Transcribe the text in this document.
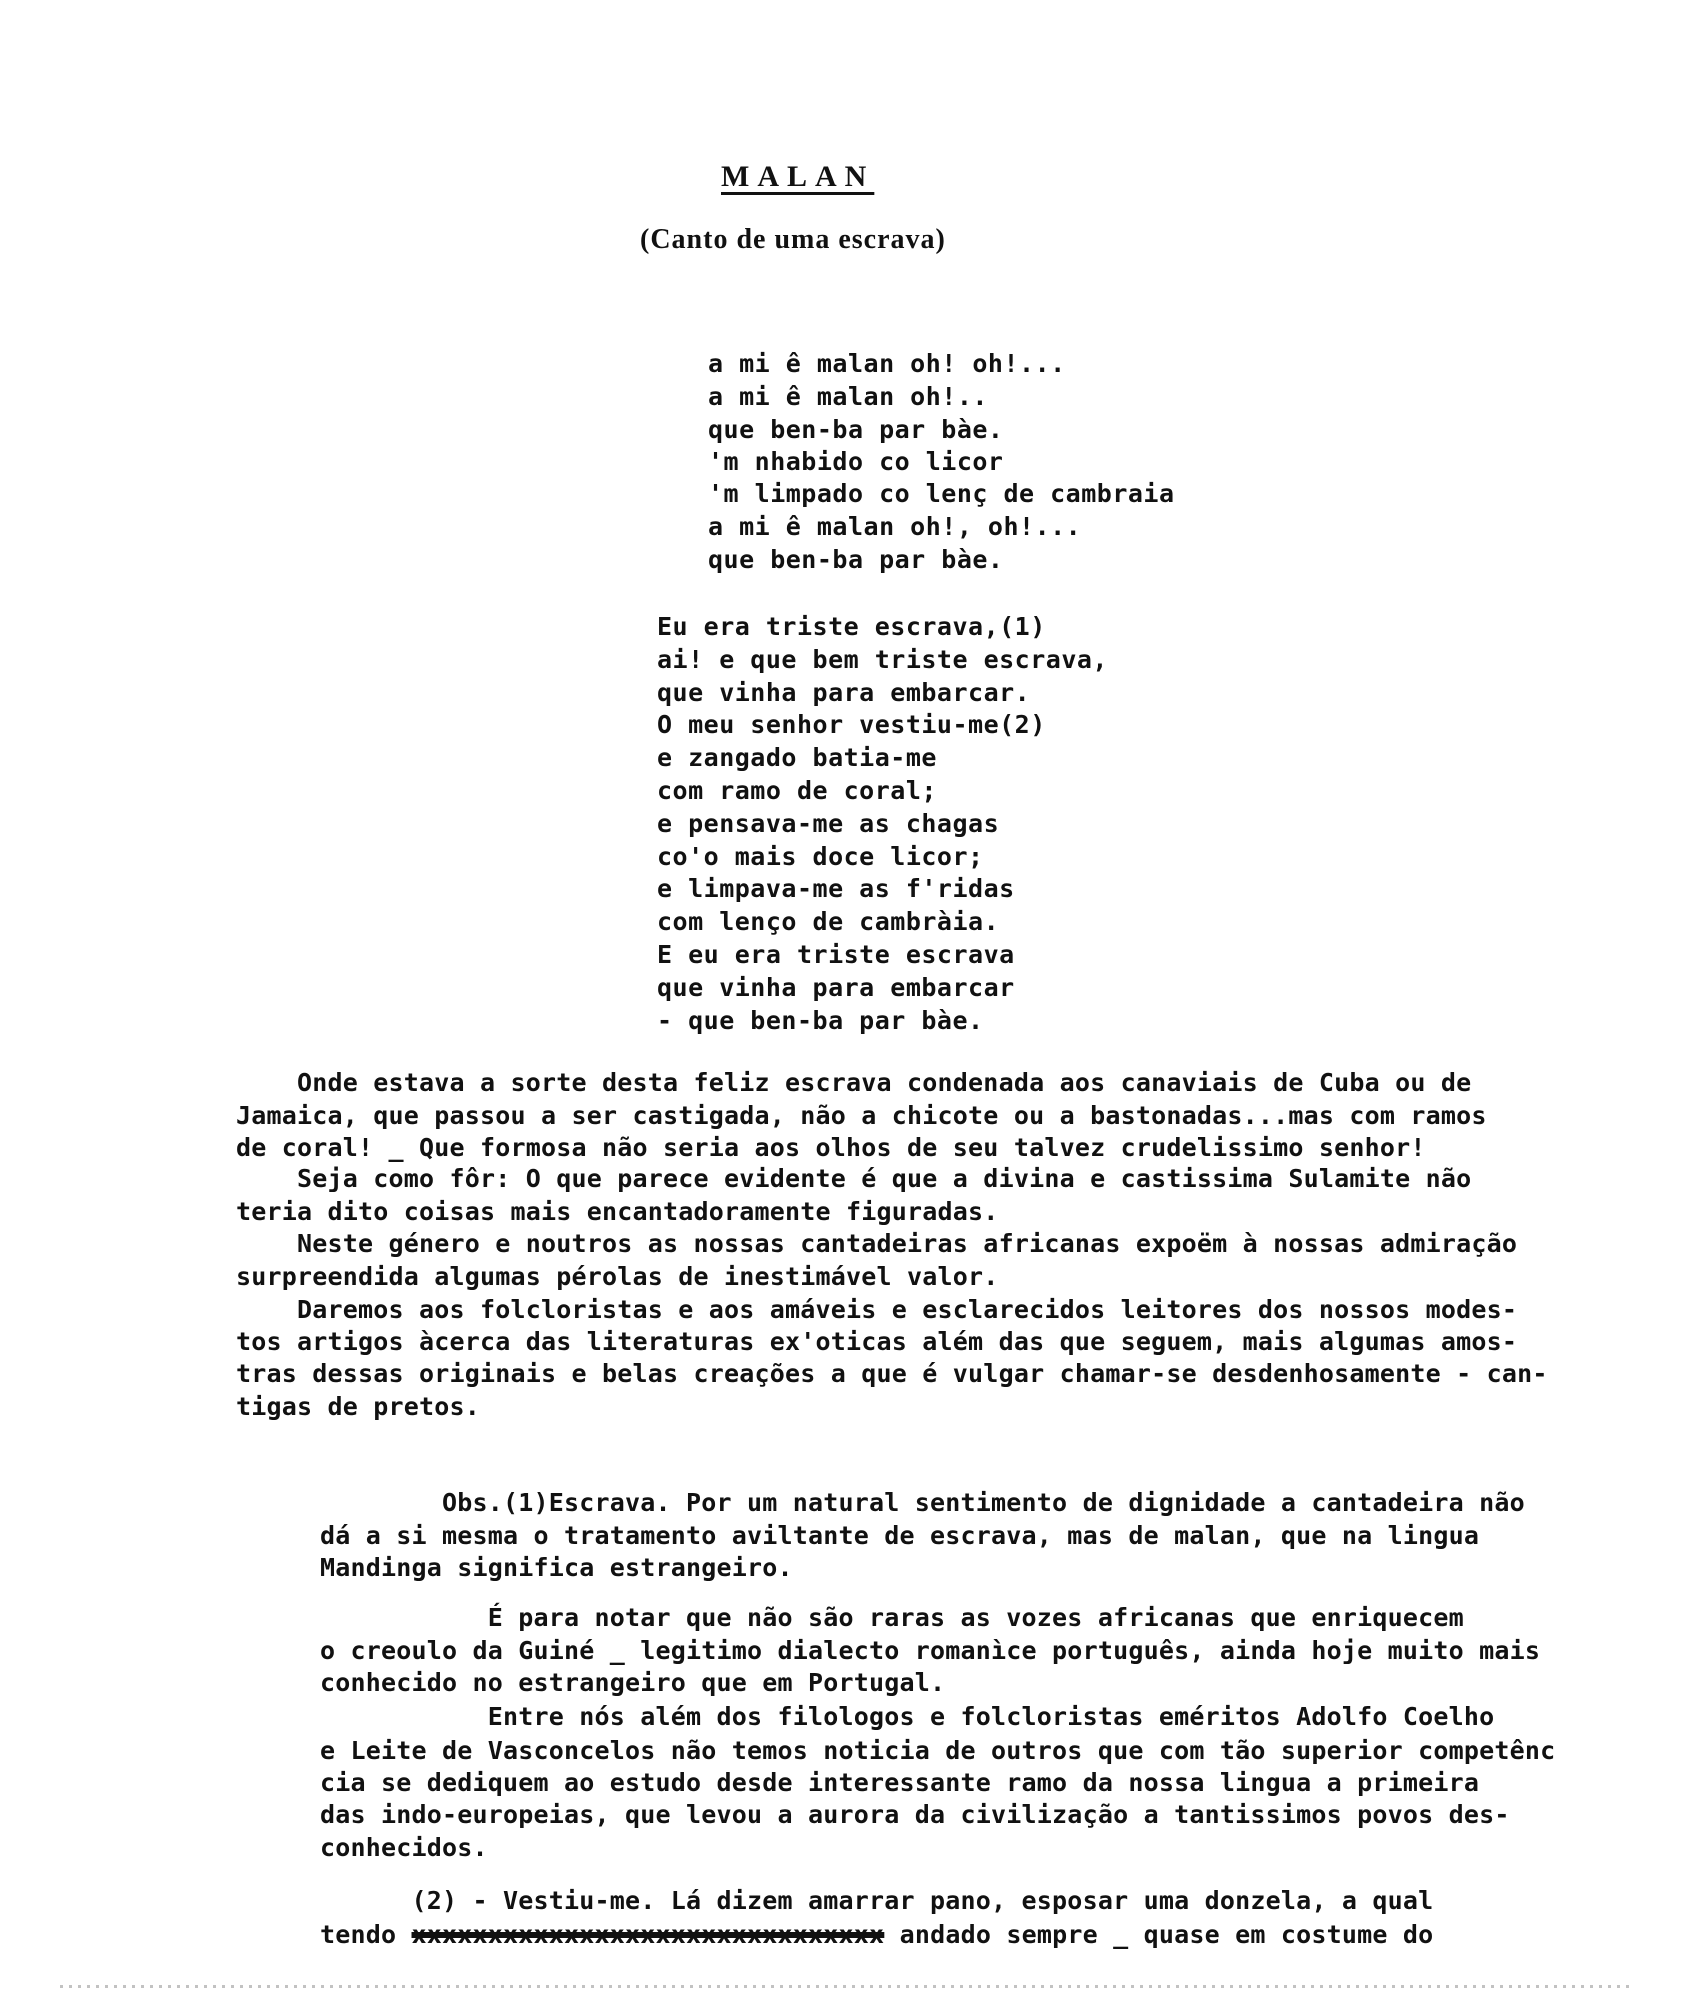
MALAN
(Canto de uma escrava)
a mi ê malan oh! oh!...
a mi ê malan oh!..
que ben-ba par bàe.
'm nhabido co licor
'm limpado co lenç de cambraia
a mi ê malan oh!, oh!...
que ben-ba par bàe.
Eu era triste escrava,(1)
ai! e que bem triste escrava,
que vinha para embarcar.
O meu senhor vestiu-me(2)
e zangado batia-me
com ramo de coral;
e pensava-me as chagas
co'o mais doce licor;
e limpava-me as f'ridas
com lenço de cambràia.
E eu era triste escrava
que vinha para embarcar
- que ben-ba par bàe.
Onde estava a sorte desta feliz escrava condenada aos canaviais de Cuba ou de
Jamaica, que passou a ser castigada, não a chicote ou a bastonadas...mas com ramos
de coral! _ Que formosa não seria aos olhos de seu talvez crudelissimo senhor!
Seja como fôr: O que parece evidente é que a divina e castissima Sulamite não
teria dito coisas mais encantadoramente figuradas.
Neste género e noutros as nossas cantadeiras africanas expoëm à nossas admiração
surpreendida algumas pérolas de inestimável valor.
Daremos aos folcloristas e aos amáveis e esclarecidos leitores dos nossos modes-
tos artigos àcerca das literaturas ex'oticas além das que seguem, mais algumas amos-
tras dessas originais e belas creações a que é vulgar chamar-se desdenhosamente - can-
tigas de pretos.
Obs.(1)Escrava. Por um natural sentimento de dignidade a cantadeira não
dá a si mesma o tratamento aviltante de escrava, mas de malan, que na lingua
Mandinga significa estrangeiro.
É para notar que não são raras as vozes africanas que enriquecem
o creoulo da Guiné _ legitimo dialecto romanìce português, ainda hoje muito mais
conhecido no estrangeiro que em Portugal.
Entre nós além dos filologos e folcloristas eméritos Adolfo Coelho
e Leite de Vasconcelos não temos noticia de outros que com tão superior competênc
cia se dediquem ao estudo desde interessante ramo da nossa lingua a primeira
das indo-europeias, que levou a aurora da civilização a tantissimos povos des-
conhecidos.
(2) - Vestiu-me. Lá dizem amarrar pano, esposar uma donzela, a qual
tendo xxxxxxxxxxxxxxxxxxxxxxxxxxxxxxx andado sempre _ quase em costume do
